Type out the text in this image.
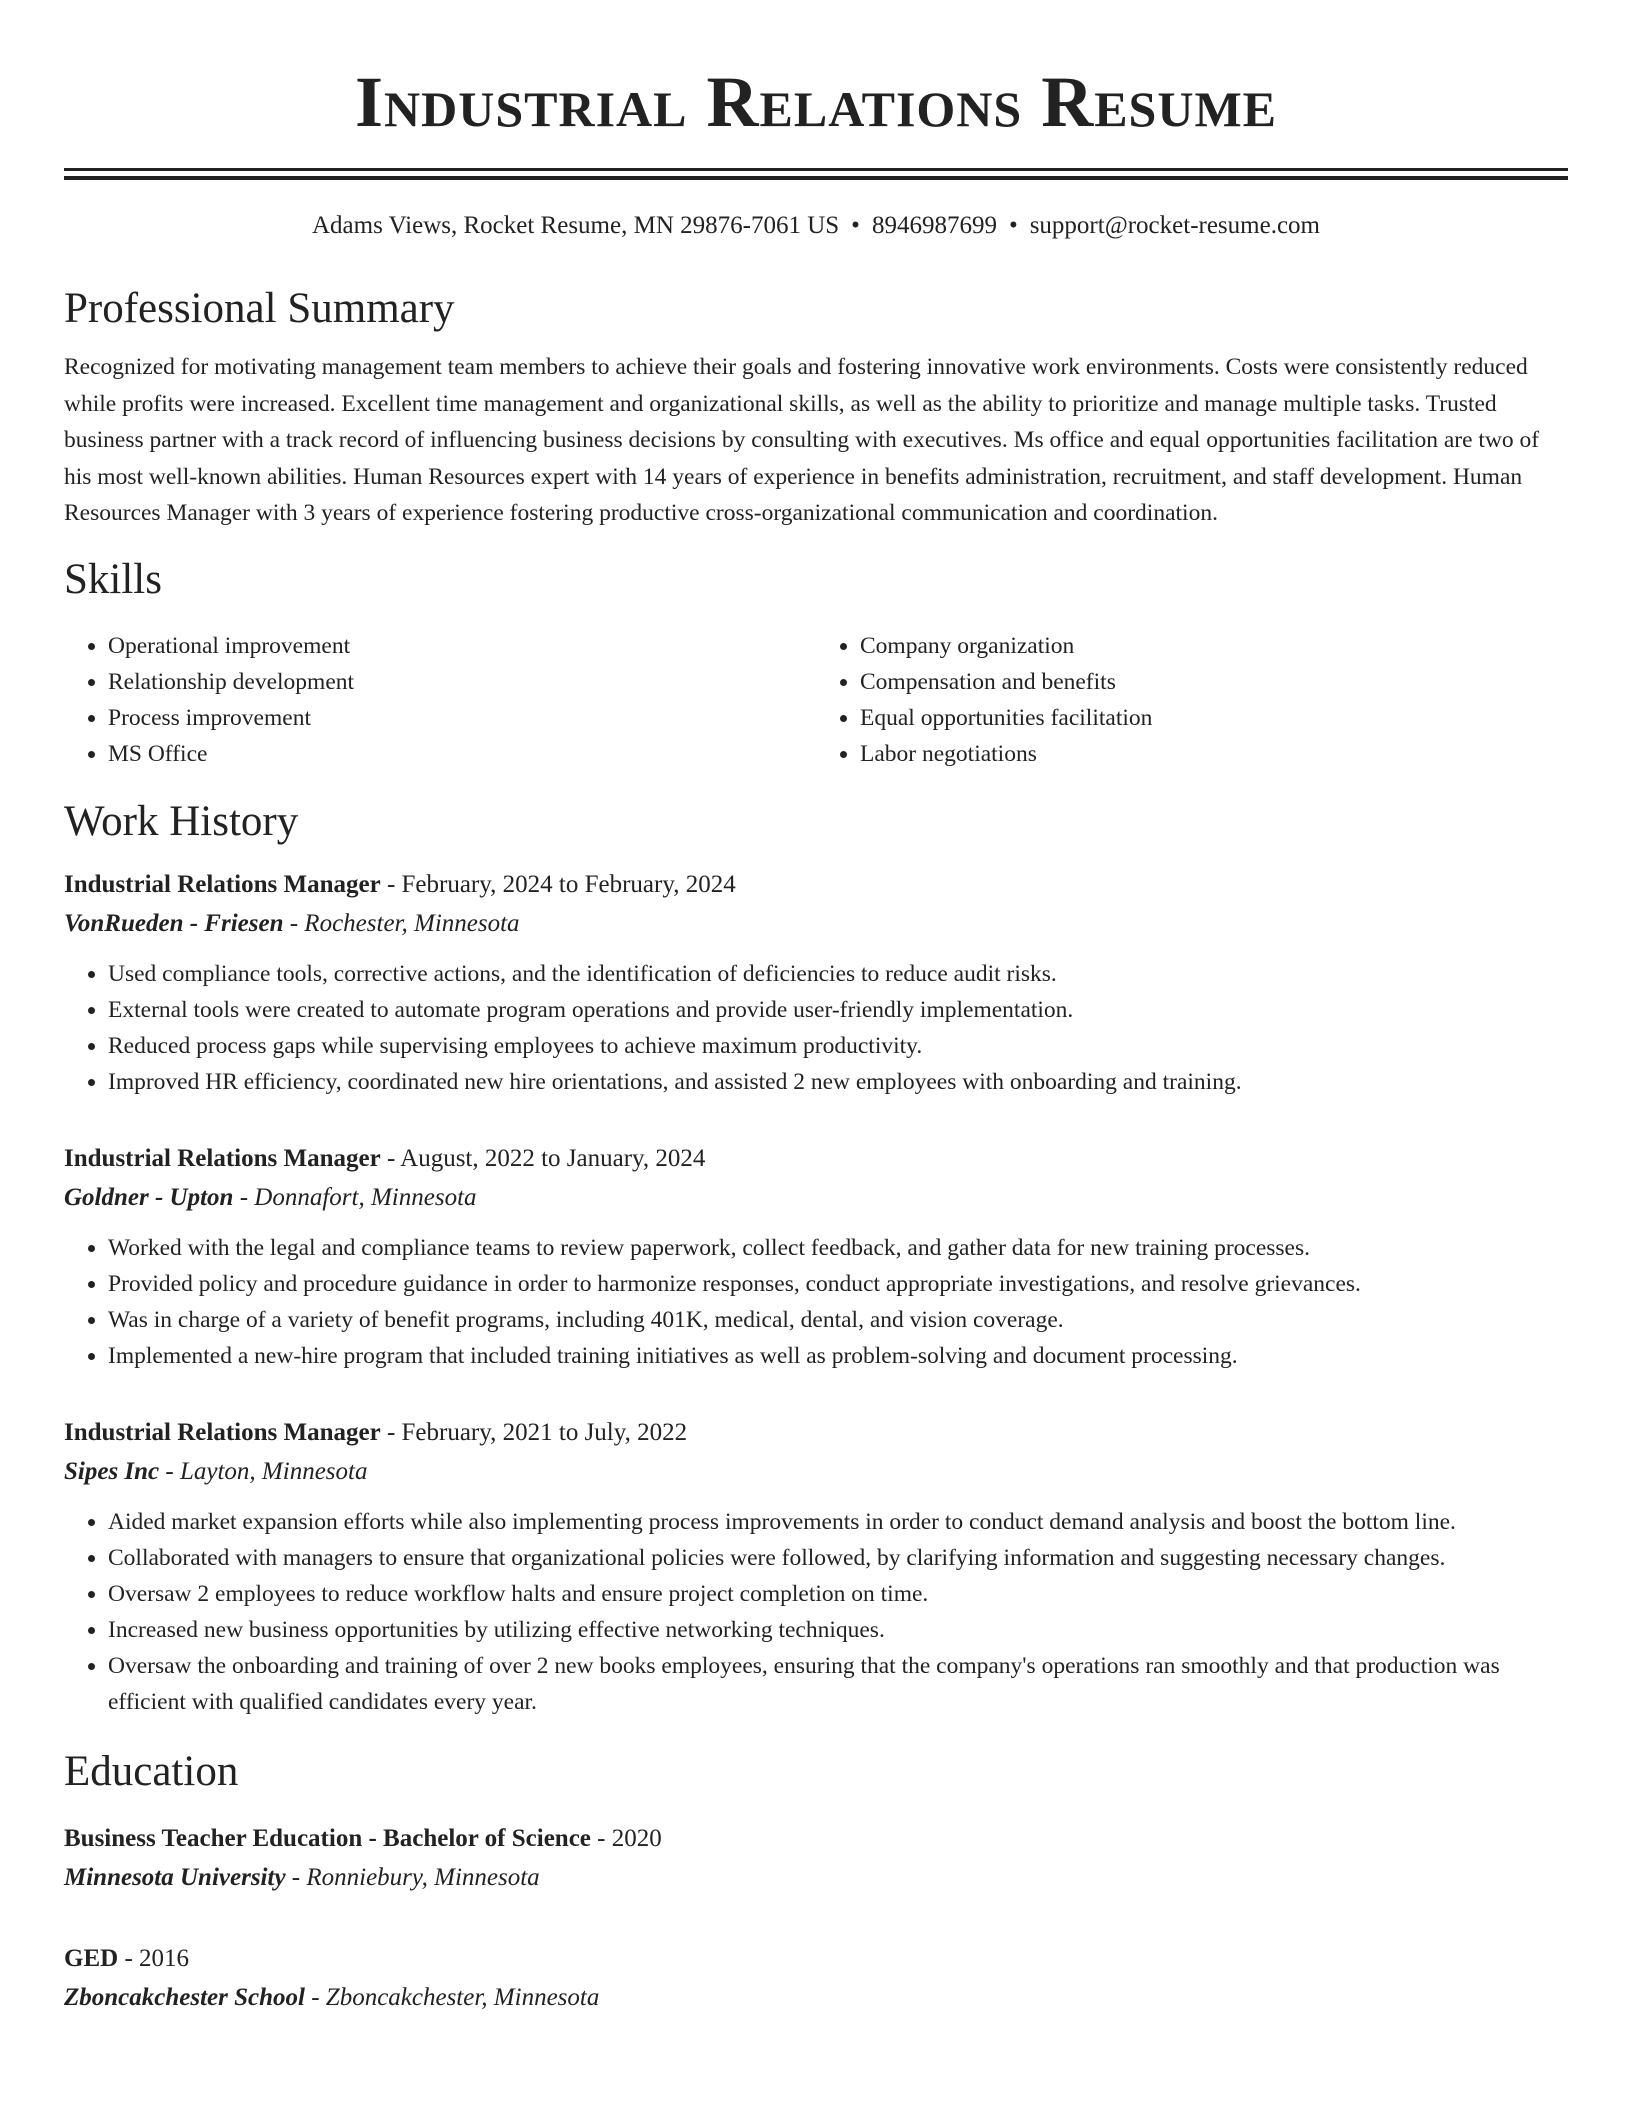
Industrial Relations Resume
Adams Views, Rocket Resume, MN 29876-7061 US • 8946987699 • support@rocket-resume.com
Professional Summary

Recognized for motivating management team members to achieve their goals and fostering innovative work environments. Costs were consistently reduced while profits were increased. Excellent time management and organizational skills, as well as the ability to prioritize and manage multiple tasks. Trusted business partner with a track record of influencing business decisions by consulting with executives. Ms office and equal opportunities facilitation are two of his most well-known abilities. Human Resources expert with 14 years of experience in benefits administration, recruitment, and staff development. Human Resources Manager with 3 years of experience fostering productive cross-organizational communication and coordination.

Skills
• Operational improvement
• Relationship development
• Process improvement
• MS Office
• Company organization
• Compensation and benefits
• Equal opportunities facilitation
• Labor negotiations
Work History
Industrial Relations Manager - February, 2024 to February, 2024
VonRueden - Friesen - Rochester, Minnesota
• Used compliance tools, corrective actions, and the identification of deficiencies to reduce audit risks.
• External tools were created to automate program operations and provide user-friendly implementation.
• Reduced process gaps while supervising employees to achieve maximum productivity.
• Improved HR efficiency, coordinated new hire orientations, and assisted 2 new employees with onboarding and training.
Industrial Relations Manager - August, 2022 to January, 2024
Goldner - Upton - Donnafort, Minnesota
• Worked with the legal and compliance teams to review paperwork, collect feedback, and gather data for new training processes.
• Provided policy and procedure guidance in order to harmonize responses, conduct appropriate investigations, and resolve grievances.
• Was in charge of a variety of benefit programs, including 401K, medical, dental, and vision coverage.
• Implemented a new-hire program that included training initiatives as well as problem-solving and document processing.
Industrial Relations Manager - February, 2021 to July, 2022
Sipes Inc - Layton, Minnesota
• Aided market expansion efforts while also implementing process improvements in order to conduct demand analysis and boost the bottom line.
• Collaborated with managers to ensure that organizational policies were followed, by clarifying information and suggesting necessary changes.
• Oversaw 2 employees to reduce workflow halts and ensure project completion on time.
• Increased new business opportunities by utilizing effective networking techniques.
• Oversaw the onboarding and training of over 2 new books employees, ensuring that the company's operations ran smoothly and that production was efficient with qualified candidates every year.
Education
Business Teacher Education - Bachelor of Science - 2020
Minnesota University - Ronniebury, Minnesota
GED - 2016
Zboncakchester School - Zboncakchester, Minnesota
